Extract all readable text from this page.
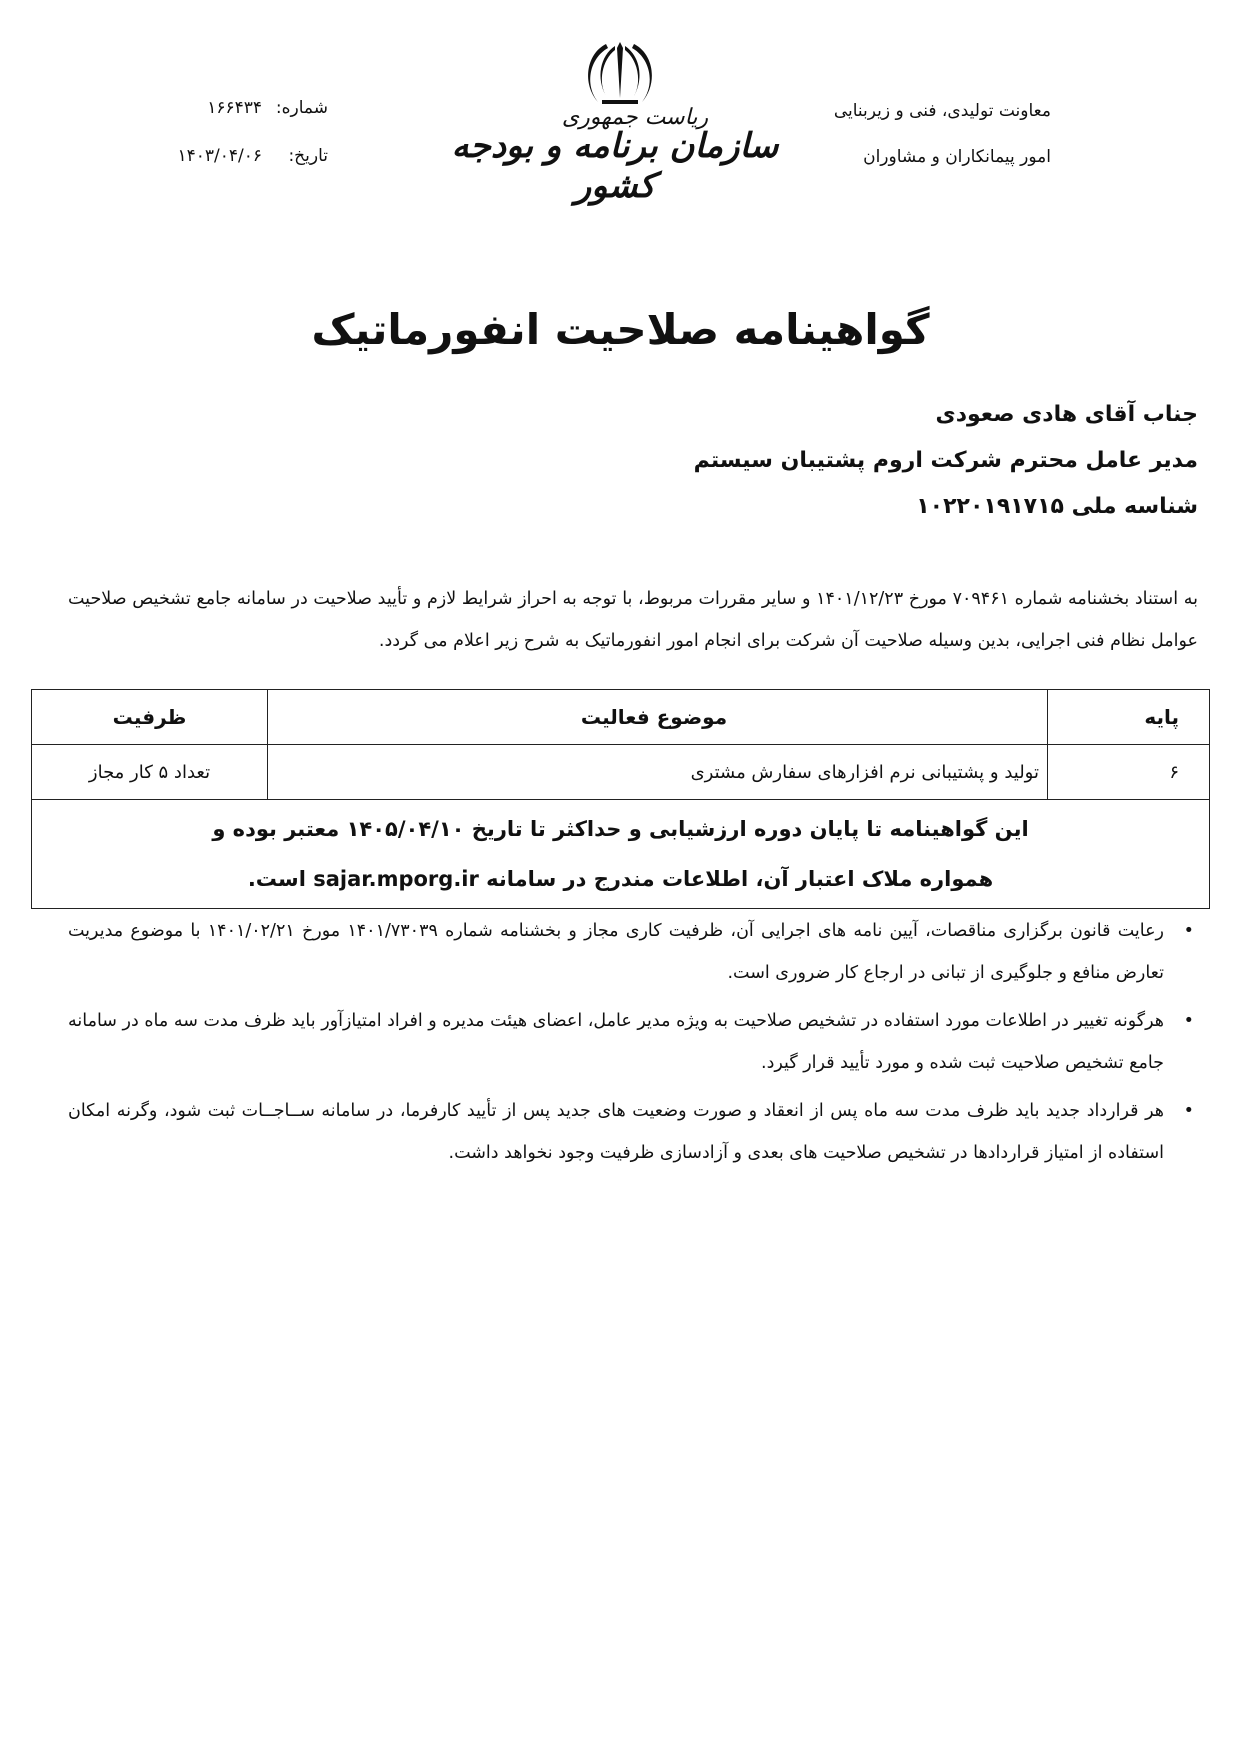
معاونت تولیدی، فنی و زیربنایی
امور پیمانکاران و مشاوران
ریاست جمهوری
سازمان برنامه و بودجه کشور
شماره:
۱۶۶۴۳۴
تاریخ:
۱۴۰۳/۰۴/۰۶
گواهینامه صلاحیت انفورماتیک
جناب آقای هادی صعودی
مدیر عامل محترم شرکت اروم پشتیبان سیستم
شناسه ملی ۱۰۲۲۰۱۹۱۷۱۵
به استناد بخشنامه شماره ۷۰۹۴۶۱ مورخ ۱۴۰۱/۱۲/۲۳ و سایر مقررات مربوط، با توجه به احراز شرایط لازم و تأیید صلاحیت در سامانه جامع تشخیص صلاحیت عوامل نظام فنی اجرایی، بدین وسیله صلاحیت آن شرکت برای انجام امور انفورماتیک به شرح زیر اعلام می گردد.
پایه	موضوع فعالیت	ظرفیت
۶	تولید و پشتیبانی نرم افزارهای سفارش مشتری	تعداد ۵ کار مجاز

این گواهینامه تا پایان دوره ارزشیابی و حداکثر تا تاریخ ۱۴۰۵/۰۴/۱۰ معتبر بوده و
همواره ملاک اعتبار آن، اطلاعات مندرج در سامانه sajar.mporg.ir است.		
•
رعایت قانون برگزاری مناقصات، آیین نامه های اجرایی آن، ظرفیت کاری مجاز و بخشنامه شماره ۱۴۰۱/۷۳۰۳۹ مورخ ۱۴۰۱/۰۲/۲۱ با موضوع مدیریت تعارض منافع و جلوگیری از تبانی در ارجاع کار ضروری است.
•
هرگونه تغییر در اطلاعات مورد استفاده در تشخیص صلاحیت به ویژه مدیر عامل، اعضای هیئت مدیره و افراد امتیازآور باید ظرف مدت سه ماه در سامانه جامع تشخیص صلاحیت ثبت شده و مورد تأیید قرار گیرد.
•
هر قرارداد جدید باید ظرف مدت سه ماه پس از انعقاد و صورت وضعیت های جدید پس از تأیید کارفرما، در سامانه ســاجــات ثبت شود، وگرنه امکان استفاده از امتیاز قراردادها در تشخیص صلاحیت های بعدی و آزادسازی ظرفیت وجود نخواهد داشت.
